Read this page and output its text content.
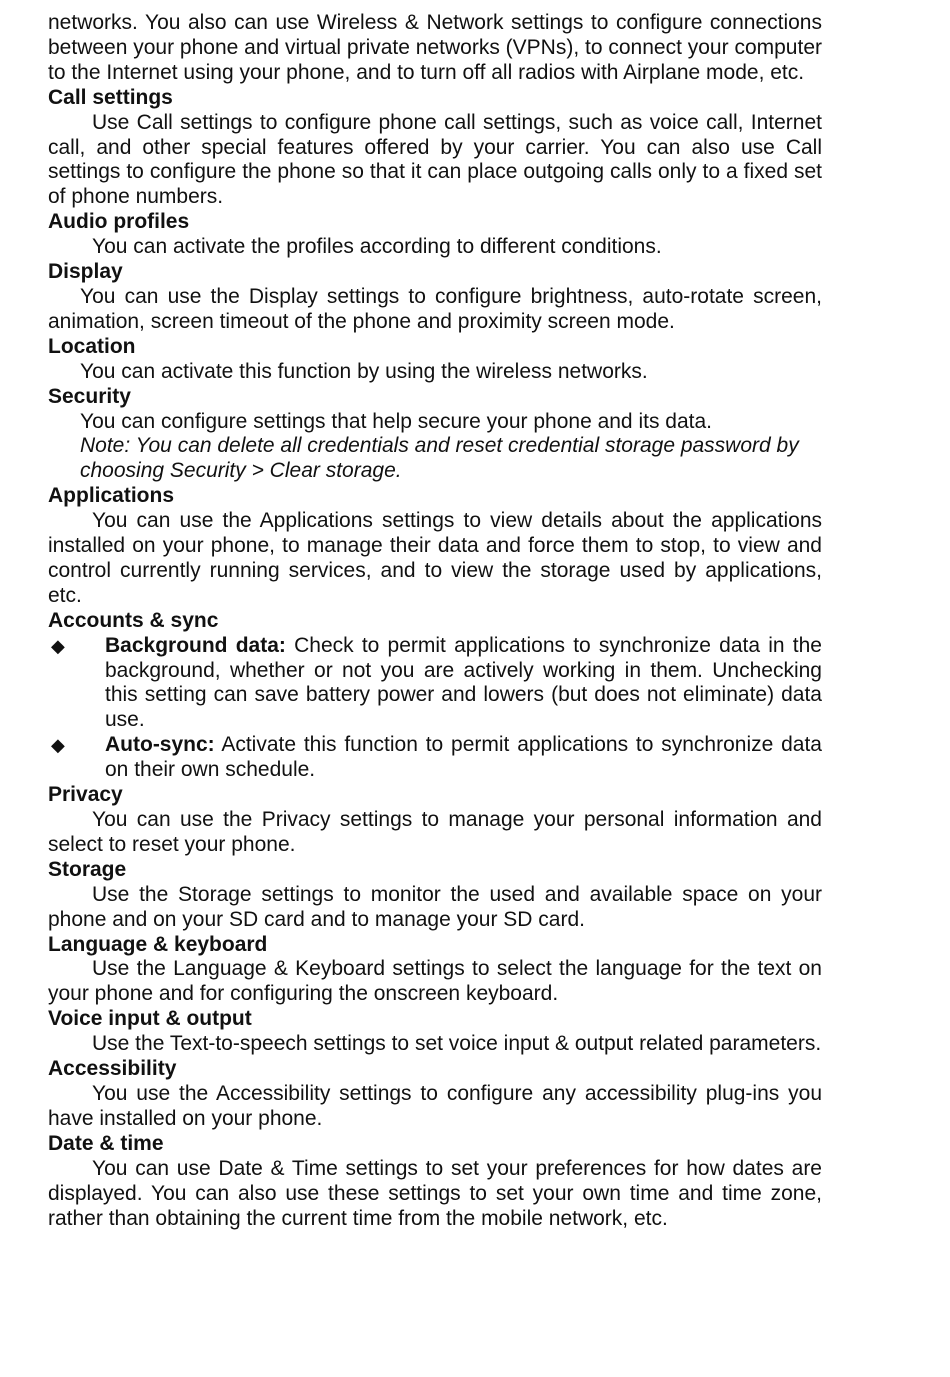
networks. You also can use Wireless & Network settings to configure connections between your phone and virtual private networks (VPNs), to connect your computer to the Internet using your phone, and to turn off all radios with Airplane mode, etc.

Call settings

Use Call settings to configure phone call settings, such as voice call, Internet call, and other special features offered by your carrier. You can also use Call settings to configure the phone so that it can place outgoing calls only to a fixed set of phone numbers.

Audio profiles

You can activate the profiles according to different conditions.

Display

You can use the Display settings to configure brightness, auto-rotate screen, animation, screen timeout of the phone and proximity screen mode.

Location

You can activate this function by using the wireless networks.

Security

You can configure settings that help secure your phone and its data.

Note: You can delete all credentials and reset credential storage password by choosing Security > Clear storage.

Applications

You can use the Applications settings to view details about the applications installed on your phone, to manage their data and force them to stop, to view and control currently running services, and to view the storage used by applications, etc.

Accounts & sync

◆ Background data: Check to permit applications to synchronize data in the background, whether or not you are actively working in them. Unchecking this setting can save battery power and lowers (but does not eliminate) data use.
◆ Auto-sync: Activate this function to permit applications to synchronize data on their own schedule.

Privacy

You can use the Privacy settings to manage your personal information and select to reset your phone.

Storage

Use the Storage settings to monitor the used and available space on your phone and on your SD card and to manage your SD card.

Language & keyboard

Use the Language & Keyboard settings to select the language for the text on your phone and for configuring the onscreen keyboard.

Voice input & output

Use the Text-to-speech settings to set voice input & output related parameters.

Accessibility

You use the Accessibility settings to configure any accessibility plug-ins you have installed on your phone.

Date & time

You can use Date & Time settings to set your preferences for how dates are displayed. You can also use these settings to set your own time and time zone, rather than obtaining the current time from the mobile network, etc.
